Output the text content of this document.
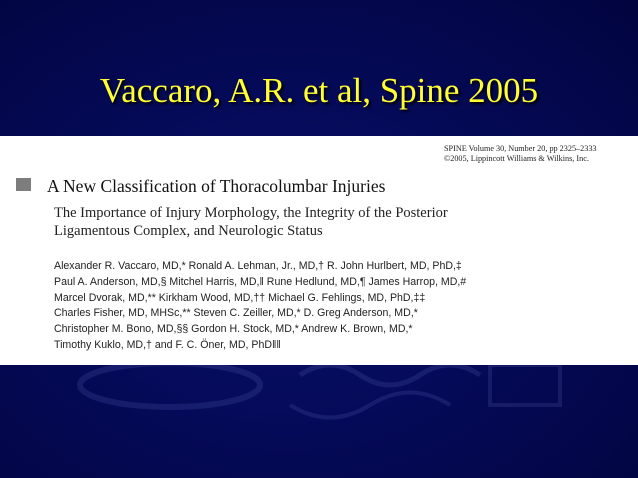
Vaccaro, A.R. et al, Spine 2005
SPINE Volume 30, Number 20, pp 2325–2333
©2005, Lippincott Williams & Wilkins, Inc.
A New Classification of Thoracolumbar Injuries
The Importance of Injury Morphology, the Integrity of the Posterior
Ligamentous Complex, and Neurologic Status
Alexander R. Vaccaro, MD,* Ronald A. Lehman, Jr., MD,† R. John Hurlbert, MD, PhD,‡
Paul A. Anderson, MD,§ Mitchel Harris, MD,‖ Rune Hedlund, MD,¶ James Harrop, MD,#
Marcel Dvorak, MD,** Kirkham Wood, MD,†† Michael G. Fehlings, MD, PhD,‡‡
Charles Fisher, MD, MHSc,** Steven C. Zeiller, MD,* D. Greg Anderson, MD,*
Christopher M. Bono, MD,§§ Gordon H. Stock, MD,* Andrew K. Brown, MD,*
Timothy Kuklo, MD,† and F. C. Öner, MD, PhD‖‖
